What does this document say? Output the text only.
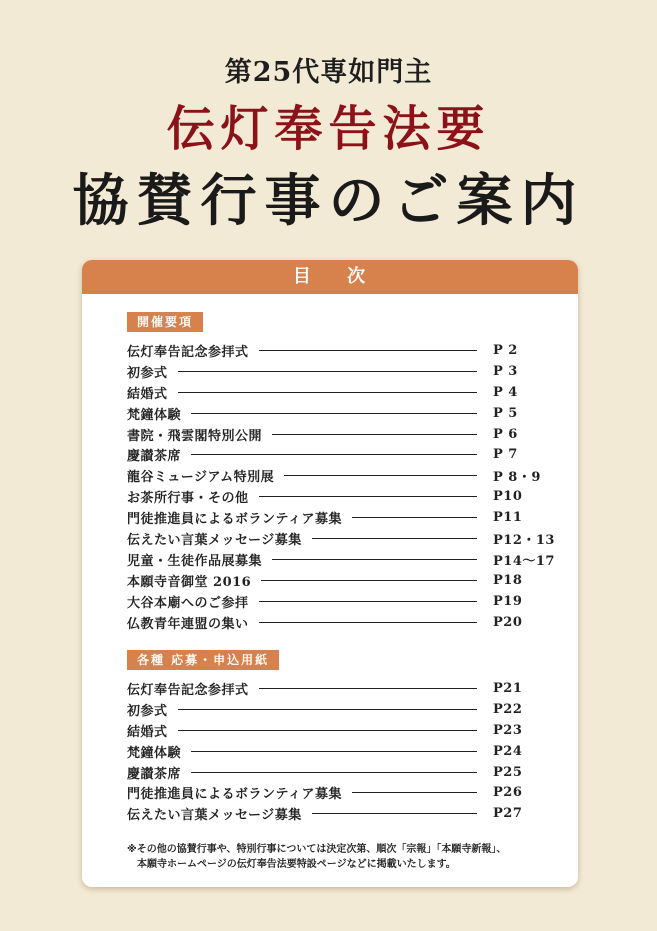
第25代専如門主
伝灯奉告法要
協賛行事のご案内
目 次
開催要項
伝灯奉告記念参拝式	P 2
初参式	P 3
結婚式	P 4
梵鐘体験	P 5
書院・飛雲閣特別公開	P 6
慶讃茶席	P 7
龍谷ミュージアム特別展	P 8・9
お茶所行事・その他	P10
門徒推進員によるボランティア募集	P11
伝えたい言葉メッセージ募集	P12・13
児童・生徒作品展募集	P14〜17
本願寺音御堂 2016	P18
大谷本廟へのご参拝	P19
仏教青年連盟の集い	P20
各種 応募・申込用紙
伝灯奉告記念参拝式	P21
初参式	P22
結婚式	P23
梵鐘体験	P24
慶讃茶席	P25
門徒推進員によるボランティア募集	P26
伝えたい言葉メッセージ募集	P27
※その他の協賛行事や、特別行事については決定次第、順次「宗報」「本願寺新報」、
本願寺ホームページの伝灯奉告法要特設ページなどに掲載いたします。
